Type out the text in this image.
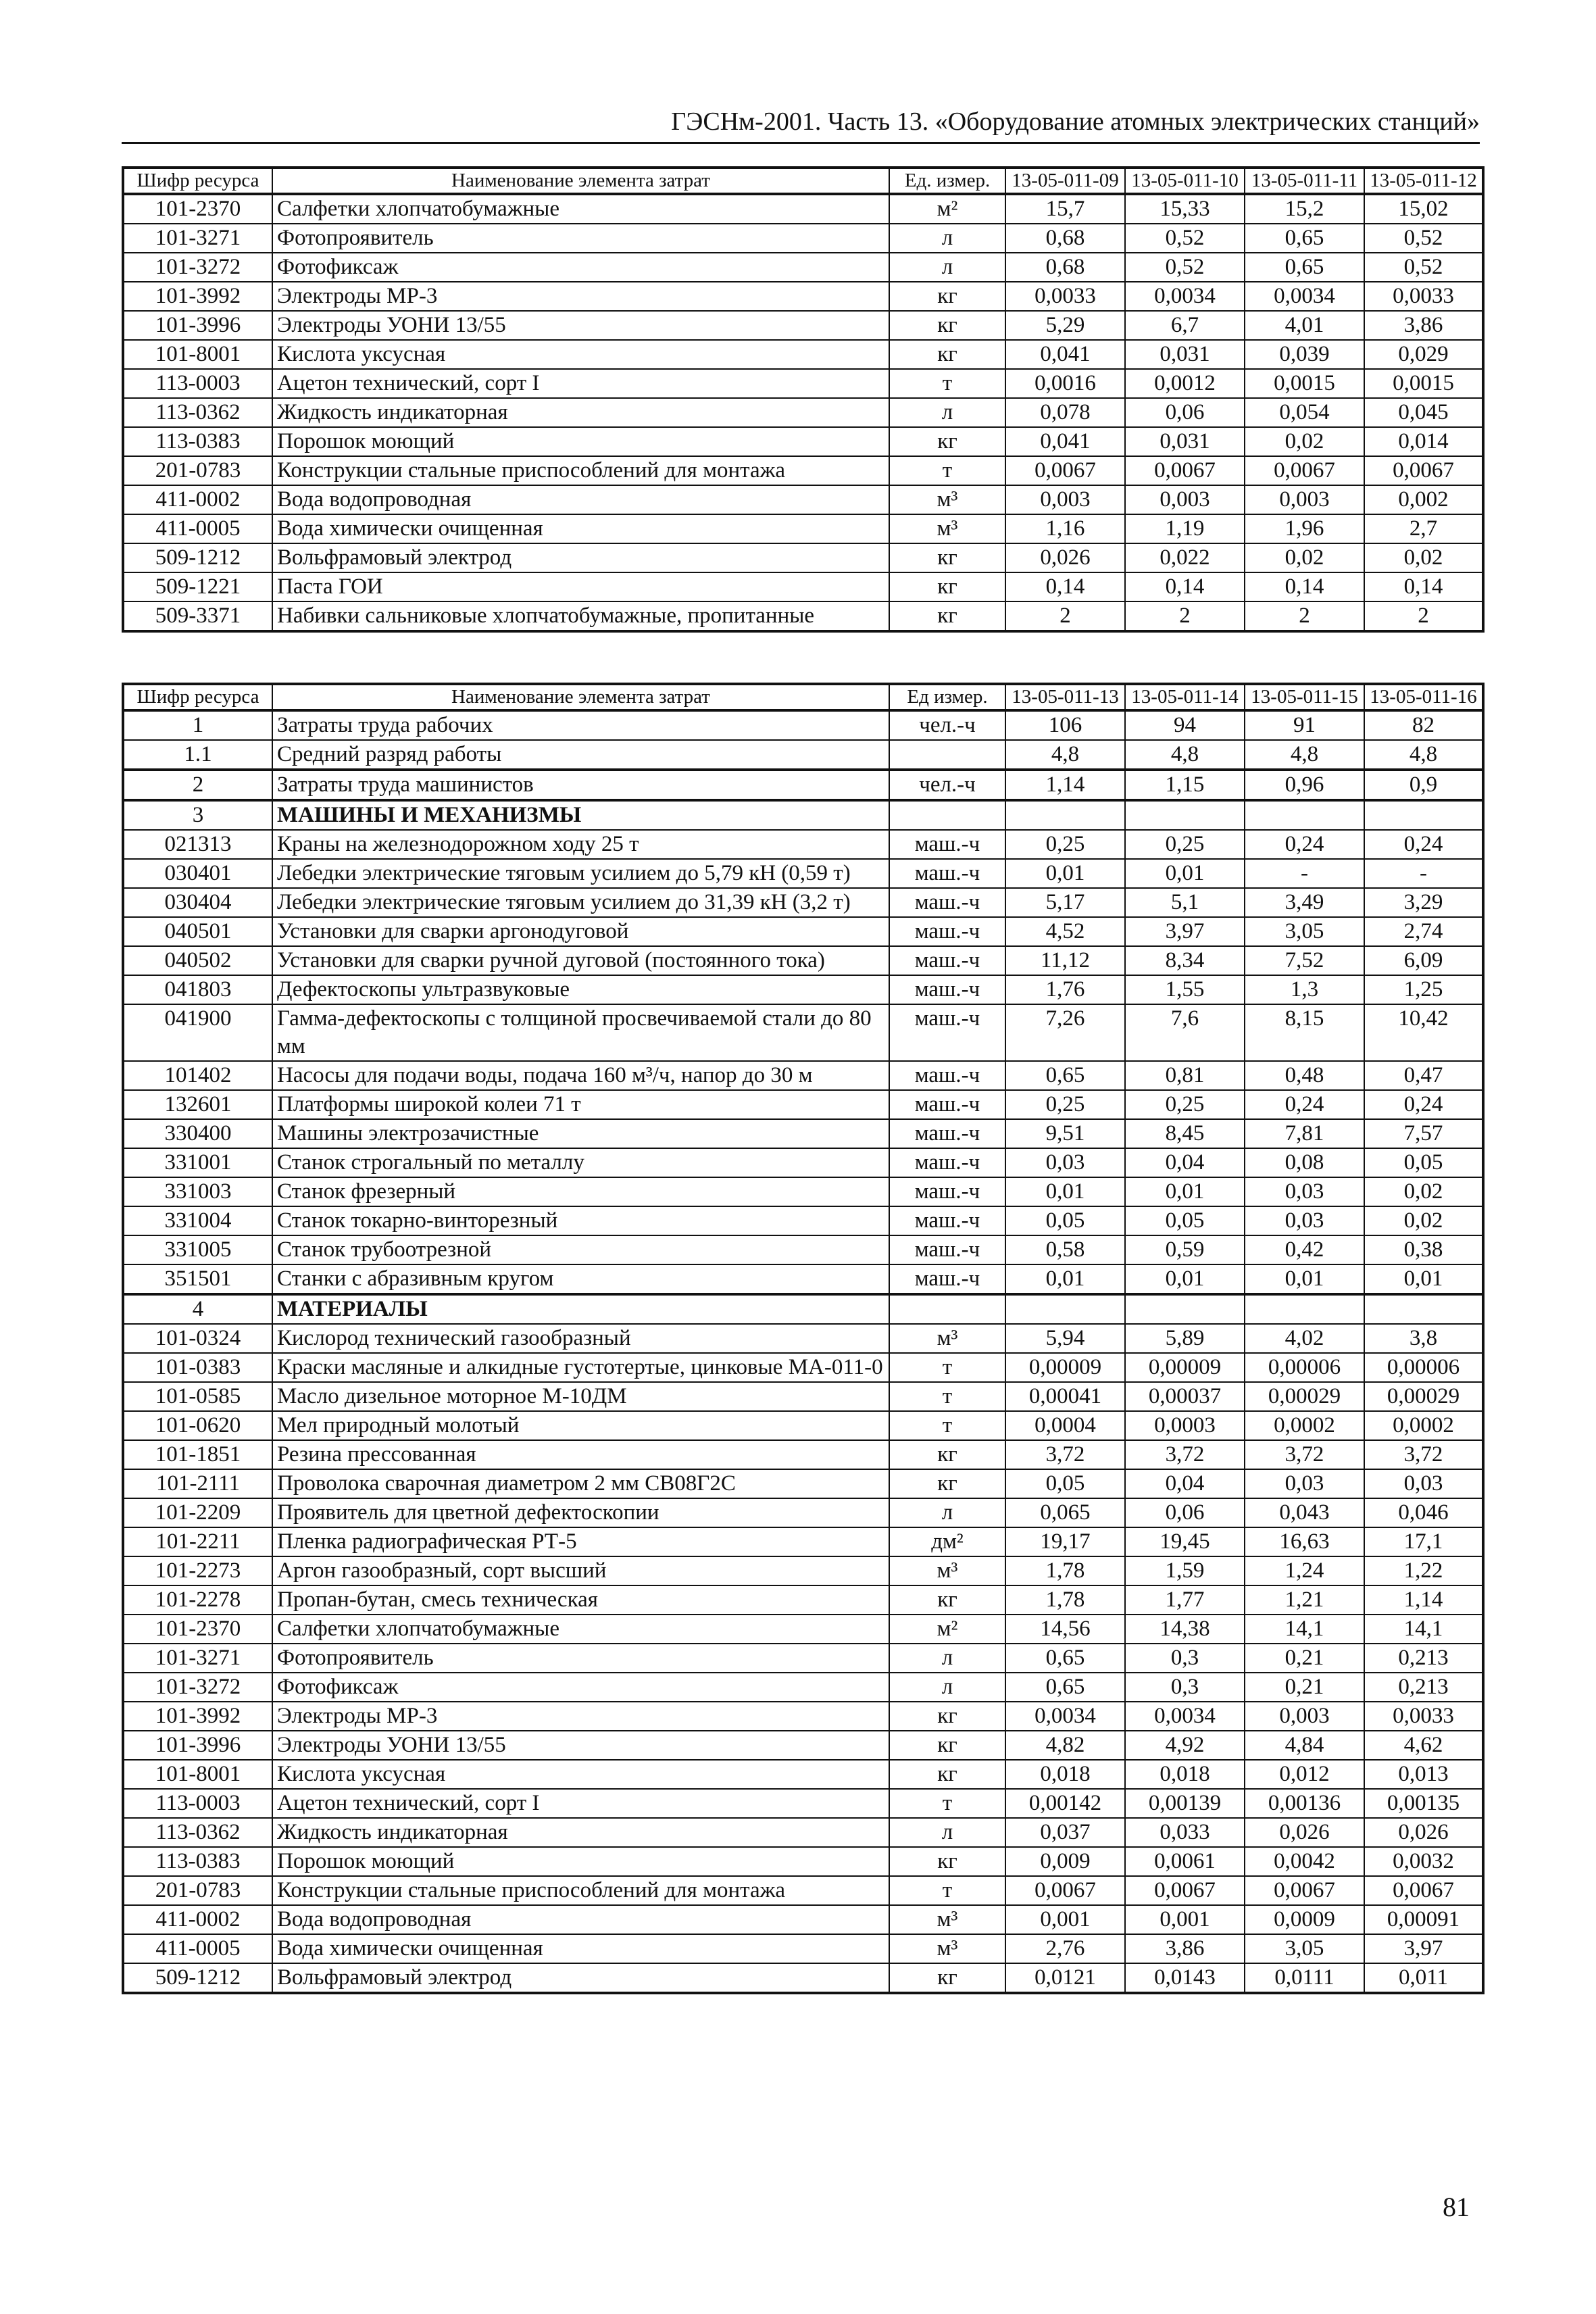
ГЭСНм-2001. Часть 13. «Оборудование атомных электрических станций»
Шифр ресурса	Наименование элемента затрат	Ед. измер.	13-05-011-09	13-05-011-10	13-05-011-11	13-05-011-12
101-2370	Салфетки хлопчатобумажные	м²	15,7	15,33	15,2	15,02
101-3271	Фотопроявитель	л	0,68	0,52	0,65	0,52
101-3272	Фотофиксаж	л	0,68	0,52	0,65	0,52
101-3992	Электроды МР-3	кг	0,0033	0,0034	0,0034	0,0033
101-3996	Электроды УОНИ 13/55	кг	5,29	6,7	4,01	3,86
101-8001	Кислота уксусная	кг	0,041	0,031	0,039	0,029
113-0003	Ацетон технический, сорт I	т	0,0016	0,0012	0,0015	0,0015
113-0362	Жидкость индикаторная	л	0,078	0,06	0,054	0,045
113-0383	Порошок моющий	кг	0,041	0,031	0,02	0,014
201-0783	Конструкции стальные приспособлений для монтажа	т	0,0067	0,0067	0,0067	0,0067
411-0002	Вода водопроводная	м³	0,003	0,003	0,003	0,002
411-0005	Вода химически очищенная	м³	1,16	1,19	1,96	2,7
509-1212	Вольфрамовый электрод	кг	0,026	0,022	0,02	0,02
509-1221	Паста ГОИ	кг	0,14	0,14	0,14	0,14
509-3371	Набивки сальниковые хлопчатобумажные, пропитанные	кг	2	2	2	2
Шифр ресурса	Наименование элемента затрат	Ед измер.	13-05-011-13	13-05-011-14	13-05-011-15	13-05-011-16
1	Затраты труда рабочих	чел.-ч	106	94	91	82
1.1	Средний разряд работы		4,8	4,8	4,8	4,8
2	Затраты труда машинистов	чел.-ч	1,14	1,15	0,96	0,9
3	МАШИНЫ И МЕХАНИЗМЫ					
021313	Краны на железнодорожном ходу 25 т	маш.-ч	0,25	0,25	0,24	0,24
030401	Лебедки электрические тяговым усилием до 5,79 кН (0,59 т)	маш.-ч	0,01	0,01	-	-
030404	Лебедки электрические тяговым усилием до 31,39 кН (3,2 т)	маш.-ч	5,17	5,1	3,49	3,29
040501	Установки для сварки аргонодуговой	маш.-ч	4,52	3,97	3,05	2,74
040502	Установки для сварки ручной дуговой (постоянного тока)	маш.-ч	11,12	8,34	7,52	6,09
041803	Дефектоскопы ультразвуковые	маш.-ч	1,76	1,55	1,3	1,25
041900	Гамма-дефектоскопы с толщиной просвечиваемой стали до 80 мм	маш.-ч	7,26	7,6	8,15	10,42
101402	Насосы для подачи воды, подача 160 м³/ч, напор до 30 м	маш.-ч	0,65	0,81	0,48	0,47
132601	Платформы широкой колеи 71 т	маш.-ч	0,25	0,25	0,24	0,24
330400	Машины электрозачистные	маш.-ч	9,51	8,45	7,81	7,57
331001	Станок строгальный по металлу	маш.-ч	0,03	0,04	0,08	0,05
331003	Станок фрезерный	маш.-ч	0,01	0,01	0,03	0,02
331004	Станок токарно-винторезный	маш.-ч	0,05	0,05	0,03	0,02
331005	Станок трубоотрезной	маш.-ч	0,58	0,59	0,42	0,38
351501	Станки с абразивным кругом	маш.-ч	0,01	0,01	0,01	0,01
4	МАТЕРИАЛЫ					
101-0324	Кислород технический газообразный	м³	5,94	5,89	4,02	3,8
101-0383	Краски масляные и алкидные густотертые, цинковые МА-011-0	т	0,00009	0,00009	0,00006	0,00006
101-0585	Масло дизельное моторное М-10ДМ	т	0,00041	0,00037	0,00029	0,00029
101-0620	Мел природный молотый	т	0,0004	0,0003	0,0002	0,0002
101-1851	Резина прессованная	кг	3,72	3,72	3,72	3,72
101-2111	Проволока сварочная диаметром 2 мм СВ08Г2С	кг	0,05	0,04	0,03	0,03
101-2209	Проявитель для цветной дефектоскопии	л	0,065	0,06	0,043	0,046
101-2211	Пленка радиографическая РТ-5	дм²	19,17	19,45	16,63	17,1
101-2273	Аргон газообразный, сорт высший	м³	1,78	1,59	1,24	1,22
101-2278	Пропан-бутан, смесь техническая	кг	1,78	1,77	1,21	1,14
101-2370	Салфетки хлопчатобумажные	м²	14,56	14,38	14,1	14,1
101-3271	Фотопроявитель	л	0,65	0,3	0,21	0,213
101-3272	Фотофиксаж	л	0,65	0,3	0,21	0,213
101-3992	Электроды МР-3	кг	0,0034	0,0034	0,003	0,0033
101-3996	Электроды УОНИ 13/55	кг	4,82	4,92	4,84	4,62
101-8001	Кислота уксусная	кг	0,018	0,018	0,012	0,013
113-0003	Ацетон технический, сорт I	т	0,00142	0,00139	0,00136	0,00135
113-0362	Жидкость индикаторная	л	0,037	0,033	0,026	0,026
113-0383	Порошок моющий	кг	0,009	0,0061	0,0042	0,0032
201-0783	Конструкции стальные приспособлений для монтажа	т	0,0067	0,0067	0,0067	0,0067
411-0002	Вода водопроводная	м³	0,001	0,001	0,0009	0,00091
411-0005	Вода химически очищенная	м³	2,76	3,86	3,05	3,97
509-1212	Вольфрамовый электрод	кг	0,0121	0,0143	0,0111	0,011
81
